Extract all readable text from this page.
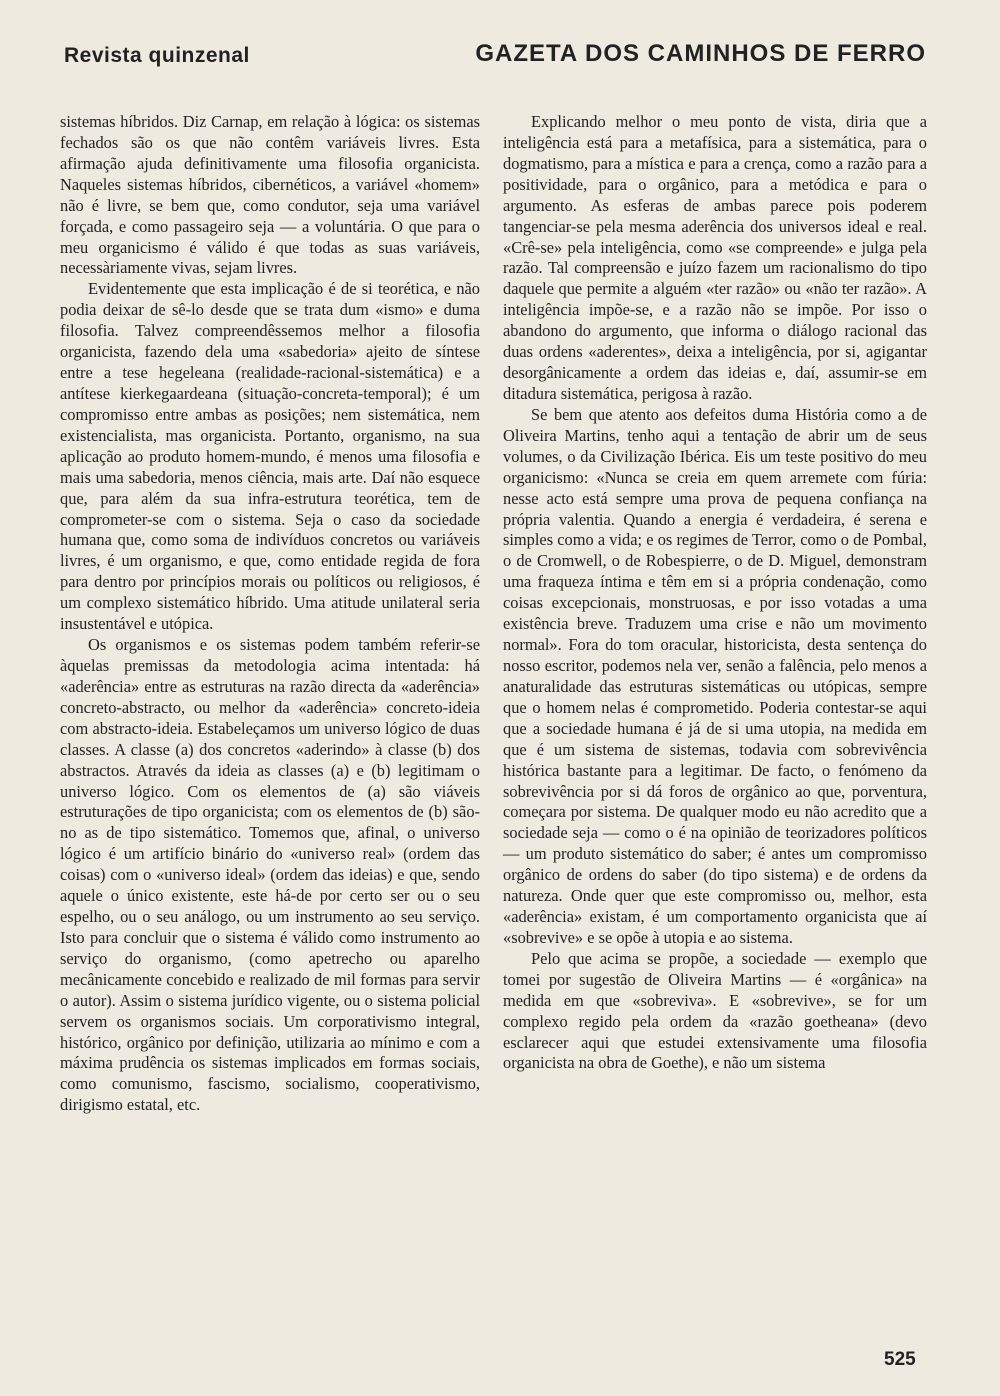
Revista quinzenal	GAZETA DOS CAMINHOS DE FERRO

sistemas híbridos. Diz Carnap, em relação à lógica: os sistemas fechados são os que não contêm variáveis livres. Esta afirmação ajuda definitivamente uma filosofia organicista. Naqueles sistemas híbridos, cibernéticos, a variável «homem» não é livre, se bem que, como condutor, seja uma variável forçada, e como passageiro seja — a voluntária. O que para o meu organicismo é válido é que todas as suas variáveis, necessàriamente vivas, sejam livres.

Evidentemente que esta implicação é de si teorética, e não podia deixar de sê-lo desde que se trata dum «ismo» e duma filosofia. Talvez compreendêssemos melhor a filosofia organicista, fazendo dela uma «sabedoria» ajeito de síntese entre a tese hegeleana (realidade-racional-sistemática) e a antítese kierkegaardeana (situação-concreta-temporal); é um compromisso entre ambas as posições; nem sistemática, nem existencialista, mas organicista. Portanto, organismo, na sua aplicação ao produto homem-mundo, é menos uma filosofia e mais uma sabedoria, menos ciência, mais arte. Daí não esquece que, para além da sua infra-estrutura teorética, tem de comprometer-se com o sistema. Seja o caso da sociedade humana que, como soma de indivíduos concretos ou variáveis livres, é um organismo, e que, como entidade regida de fora para dentro por princípios morais ou políticos ou religiosos, é um complexo sistemático híbrido. Uma atitude unilateral seria insustentável e utópica.

Os organismos e os sistemas podem também referir-se àquelas premissas da metodologia acima intentada: há «aderência» entre as estruturas na razão directa da «aderência» concreto-abstracto, ou melhor da «aderência» concreto-ideia com abstracto-ideia. Estabeleçamos um universo lógico de duas classes. A classe (a) dos concretos «aderindo» à classe (b) dos abstractos. Através da ideia as classes (a) e (b) legitimam o universo lógico. Com os elementos de (a) são viáveis estruturações de tipo organicista; com os elementos de (b) são-no as de tipo sistemático. Tomemos que, afinal, o universo lógico é um artifício binário do «universo real» (ordem das coisas) com o «universo ideal» (ordem das ideias) e que, sendo aquele o único existente, este há-de por certo ser ou o seu espelho, ou o seu análogo, ou um instrumento ao seu serviço. Isto para concluir que o sistema é válido como instrumento ao serviço do organismo, (como apetrecho ou aparelho mecânicamente concebido e realizado de mil formas para servir o autor). Assim o sistema jurídico vigente, ou o sistema policial servem os organismos sociais. Um corporativismo integral, histórico, orgânico por definição, utilizaria ao mínimo e com a máxima prudência os sistemas implicados em formas sociais, como comunismo, fascismo, socialismo, cooperativismo, dirigismo estatal, etc.

Explicando melhor o meu ponto de vista, diria que a inteligência está para a metafísica, para a sistemática, para o dogmatismo, para a mística e para a crença, como a razão para a positividade, para o orgânico, para a metódica e para o argumento. As esferas de ambas parece pois poderem tangenciar-se pela mesma aderência dos universos ideal e real. «Crê-se» pela inteligência, como «se compreende» e julga pela razão. Tal compreensão e juízo fazem um racionalismo do tipo daquele que permite a alguém «ter razão» ou «não ter razão». A inteligência impõe-se, e a razão não se impõe. Por isso o abandono do argumento, que informa o diálogo racional das duas ordens «aderentes», deixa a inteligência, por si, agigantar desorgânicamente a ordem das ideias e, daí, assumir-se em ditadura sistemática, perigosa à razão.

Se bem que atento aos defeitos duma História como a de Oliveira Martins, tenho aqui a tentação de abrir um de seus volumes, o da Civilização Ibérica. Eis um teste positivo do meu organicismo: «Nunca se creia em quem arremete com fúria: nesse acto está sempre uma prova de pequena confiança na própria valentia. Quando a energia é verdadeira, é serena e simples como a vida; e os regimes de Terror, como o de Pombal, o de Cromwell, o de Robespierre, o de D. Miguel, demonstram uma fraqueza íntima e têm em si a própria condenação, como coisas excepcionais, monstruosas, e por isso votadas a uma existência breve. Traduzem uma crise e não um movimento normal». Fora do tom oracular, historicista, desta sentença do nosso escritor, podemos nela ver, senão a falência, pelo menos a anaturalidade das estruturas sistemáticas ou utópicas, sempre que o homem nelas é comprometido. Poderia contestar-se aqui que a sociedade humana é já de si uma utopia, na medida em que é um sistema de sistemas, todavia com sobrevivência histórica bastante para a legitimar. De facto, o fenómeno da sobrevivência por si dá foros de orgânico ao que, porventura, começara por sistema. De qualquer modo eu não acredito que a sociedade seja — como o é na opinião de teorizadores políticos — um produto sistemático do saber; é antes um compromisso orgânico de ordens do saber (do tipo sistema) e de ordens da natureza. Onde quer que este compromisso ou, melhor, esta «aderência» existam, é um comportamento organicista que aí «sobrevive» e se opõe à utopia e ao sistema.

Pelo que acima se propõe, a sociedade — exemplo que tomei por sugestão de Oliveira Martins — é «orgânica» na medida em que «sobreviva». E «sobrevive», se for um complexo regido pela ordem da «razão goetheana» (devo esclarecer aqui que estudei extensivamente uma filosofia organicista na obra de Goethe), e não um sistema

525
